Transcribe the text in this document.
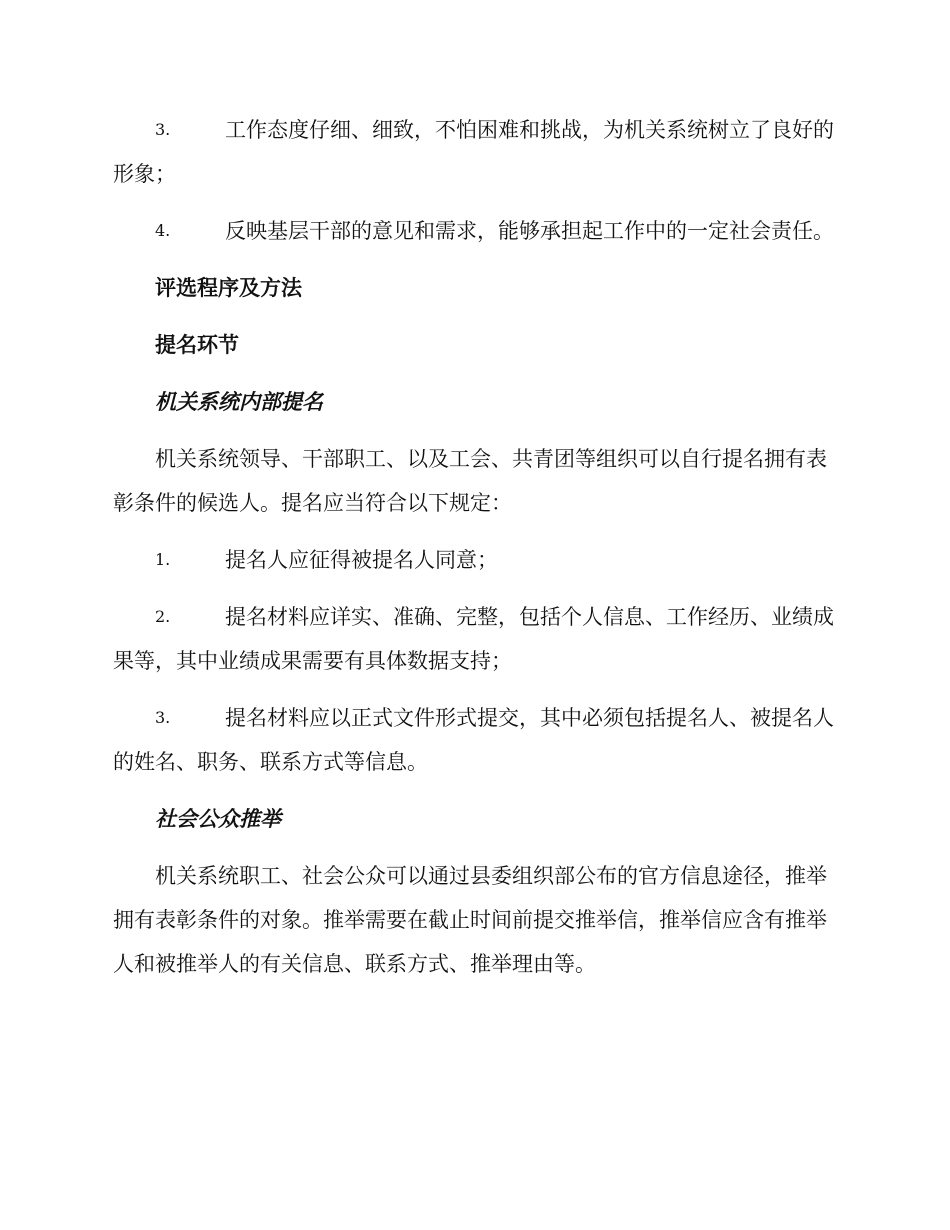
3.	工作态度仔细、细致，不怕困难和挑战，为机关系统树立了良好的形象；
4.	反映基层干部的意见和需求，能够承担起工作中的一定社会责任。
评选程序及方法
提名环节
机关系统内部提名
机关系统领导、干部职工、以及工会、共青团等组织可以自行提名拥有表彰条件的候选人。提名应当符合以下规定：
1.	提名人应征得被提名人同意；
2.	提名材料应详实、准确、完整，包括个人信息、工作经历、业绩成果等，其中业绩成果需要有具体数据支持；
3.	提名材料应以正式文件形式提交，其中必须包括提名人、被提名人的姓名、职务、联系方式等信息。
社会公众推举
机关系统职工、社会公众可以通过县委组织部公布的官方信息途径，推举拥有表彰条件的对象。推举需要在截止时间前提交推举信，推举信应含有推举人和被推举人的有关信息、联系方式、推举理由等。
